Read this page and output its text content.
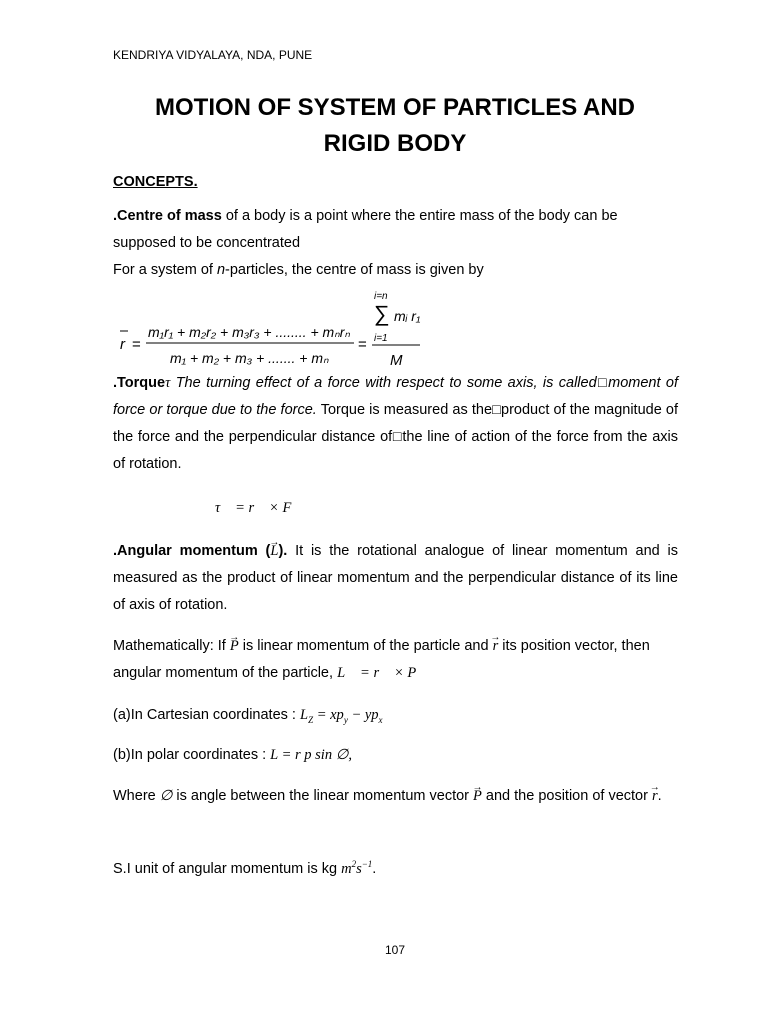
KENDRIYA VIDYALAYA, NDA, PUNE
MOTION OF SYSTEM OF PARTICLES AND
RIGID BODY
CONCEPTS.
.Centre of mass of a body is a point where the entire mass of the body can be supposed to be concentrated
For a system of n-particles, the centre of mass is given by
r =
m₁r₁ + m₂r₂ + m₃r₃ + ........ + mₙrₙ
m₁ + m₂ + m₃ + ....... + mₙ
=
i=n
∑ mᵢ r₁
i=1
M
.Torqueτ The turning effect of a force with respect to some axis, is called□moment of force or torque due to the force. Torque is measured as the□product of the magnitude of the force and the perpendicular distance of□the line of action of the force from the axis of rotation.
τ⃗ = r⃗ × F⃗
.Angular momentum (→ L). It is the rotational analogue of linear momentum and is measured as the product of linear momentum and the perpendicular distance of its line of axis of rotation.
Mathematically: If → P is linear momentum of the particle and → r its position vector, then angular momentum of the particle, L⃗ = r⃗ × P⃗
(a)In Cartesian coordinates : $L_Z = xp_y - yp_x$
(b)In polar coordinates : L = r p sin ∅,
Where ∅ is angle between the linear momentum vector → P and the position of vector → r.
S.I unit of angular momentum is kg $m^2s^{-1}$.
107
